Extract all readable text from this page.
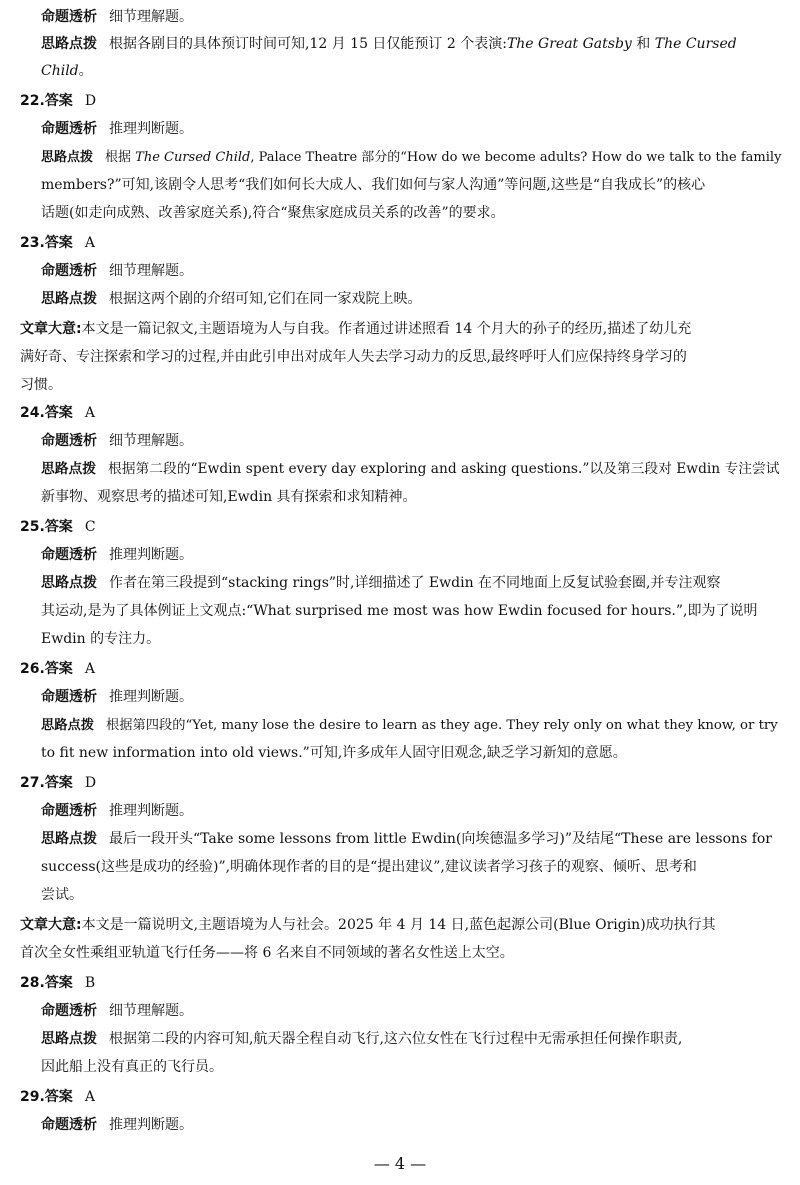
命题透析 细节理解题。
思路点拨 根据各剧目的具体预订时间可知,12 月 15 日仅能预订 2 个表演:The Great Gatsby 和 The Cursed
Child。
22.答案 D
命题透析 推理判断题。
思路点拨 根据 The Cursed Child, Palace Theatre 部分的“How do we become adults? How do we talk to the family
members?”可知,该剧令人思考“我们如何长大成人、我们如何与家人沟通”等问题,这些是“自我成长”的核心
话题(如走向成熟、改善家庭关系),符合“聚焦家庭成员关系的改善”的要求。
23.答案 A
命题透析 细节理解题。
思路点拨 根据这两个剧的介绍可知,它们在同一家戏院上映。
文章大意:本文是一篇记叙文,主题语境为人与自我。作者通过讲述照看 14 个月大的孙子的经历,描述了幼儿充
满好奇、专注探索和学习的过程,并由此引申出对成年人失去学习动力的反思,最终呼吁人们应保持终身学习的
习惯。
24.答案 A
命题透析 细节理解题。
思路点拨 根据第二段的“Ewdin spent every day exploring and asking questions.”以及第三段对 Ewdin 专注尝试
新事物、观察思考的描述可知,Ewdin 具有探索和求知精神。
25.答案 C
命题透析 推理判断题。
思路点拨 作者在第三段提到“stacking rings”时,详细描述了 Ewdin 在不同地面上反复试验套圈,并专注观察
其运动,是为了具体例证上文观点:“What surprised me most was how Ewdin focused for hours.”,即为了说明
Ewdin 的专注力。
26.答案 A
命题透析 推理判断题。
思路点拨 根据第四段的“Yet, many lose the desire to learn as they age. They rely only on what they know, or try
to fit new information into old views.”可知,许多成年人固守旧观念,缺乏学习新知的意愿。
27.答案 D
命题透析 推理判断题。
思路点拨 最后一段开头“Take some lessons from little Ewdin(向埃德温多学习)”及结尾“These are lessons for
success(这些是成功的经验)”,明确体现作者的目的是“提出建议”,建议读者学习孩子的观察、倾听、思考和
尝试。
文章大意:本文是一篇说明文,主题语境为人与社会。2025 年 4 月 14 日,蓝色起源公司(Blue Origin)成功执行其
首次全女性乘组亚轨道飞行任务——将 6 名来自不同领域的著名女性送上太空。
28.答案 B
命题透析 细节理解题。
思路点拨 根据第二段的内容可知,航天器全程自动飞行,这六位女性在飞行过程中无需承担任何操作职责,
因此船上没有真正的飞行员。
29.答案 A
命题透析 推理判断题。
— 4 —
